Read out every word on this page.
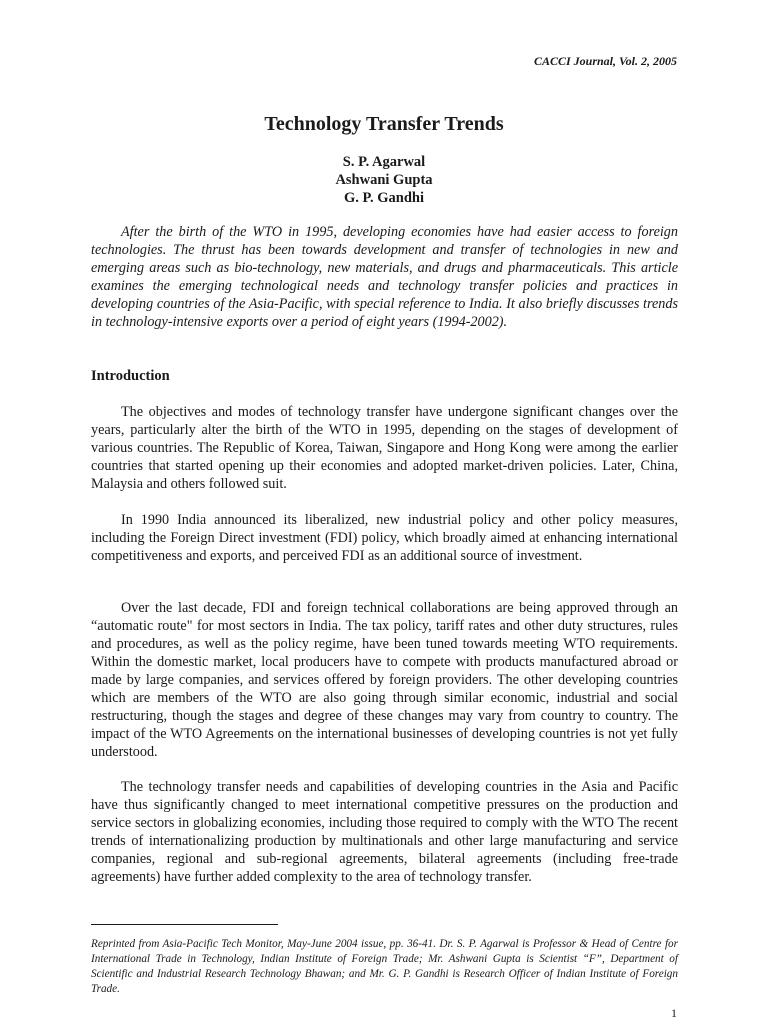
CACCI Journal, Vol. 2, 2005
Technology Transfer Trends
S. P. Agarwal
Ashwani Gupta
G. P. Gandhi

After the birth of the WTO in 1995, developing economies have had easier access to foreign technologies. The thrust has been towards development and transfer of technologies in new and emerging areas such as bio-technology, new materials, and drugs and pharmaceuticals. This article examines the emerging technological needs and technology transfer policies and practices in developing countries of the Asia-Pacific, with special reference to India. It also briefly discusses trends in technology-intensive exports over a period of eight years (1994-2002).

Introduction

The objectives and modes of technology transfer have undergone significant changes over the years, particularly alter the birth of the WTO in 1995, depending on the stages of development of various countries. The Republic of Korea, Taiwan, Singapore and Hong Kong were among the earlier countries that started opening up their economies and adopted market-driven policies. Later, China, Malaysia and others followed suit.

In 1990 India announced its liberalized, new industrial policy and other policy measures, including the Foreign Direct investment (FDI) policy, which broadly aimed at enhancing international competitiveness and exports, and perceived FDI as an additional source of investment.

Over the last decade, FDI and foreign technical collaborations are being approved through an “automatic route" for most sectors in India. The tax policy, tariff rates and other duty structures, rules and procedures, as well as the policy regime, have been tuned towards meeting WTO requirements. Within the domestic market, local producers have to compete with products manufactured abroad or made by large companies, and services offered by foreign providers. The other developing countries which are members of the WTO are also going through similar economic, industrial and social restructuring, though the stages and degree of these changes may vary from country to country. The impact of the WTO Agreements on the international businesses of developing countries is not yet fully understood.

The technology transfer needs and capabilities of developing countries in the Asia and Pacific have thus significantly changed to meet international competitive pressures on the production and service sectors in globalizing economies, including those required to comply with the WTO The recent trends of internationalizing production by multinationals and other large manufacturing and service companies, regional and sub-regional agreements, bilateral agreements (including free-trade agreements) have further added complexity to the area of technology transfer.

Reprinted from Asia-Pacific Tech Monitor, May-June 2004 issue, pp. 36-41. Dr. S. P. Agarwal is Professor & Head of Centre for International Trade in Technology, Indian Institute of Foreign Trade; Mr. Ashwani Gupta is Scientist “F”, Department of Scientific and Industrial Research Technology Bhawan; and Mr. G. P. Gandhi is Research Officer of Indian Institute of Foreign Trade.
1
